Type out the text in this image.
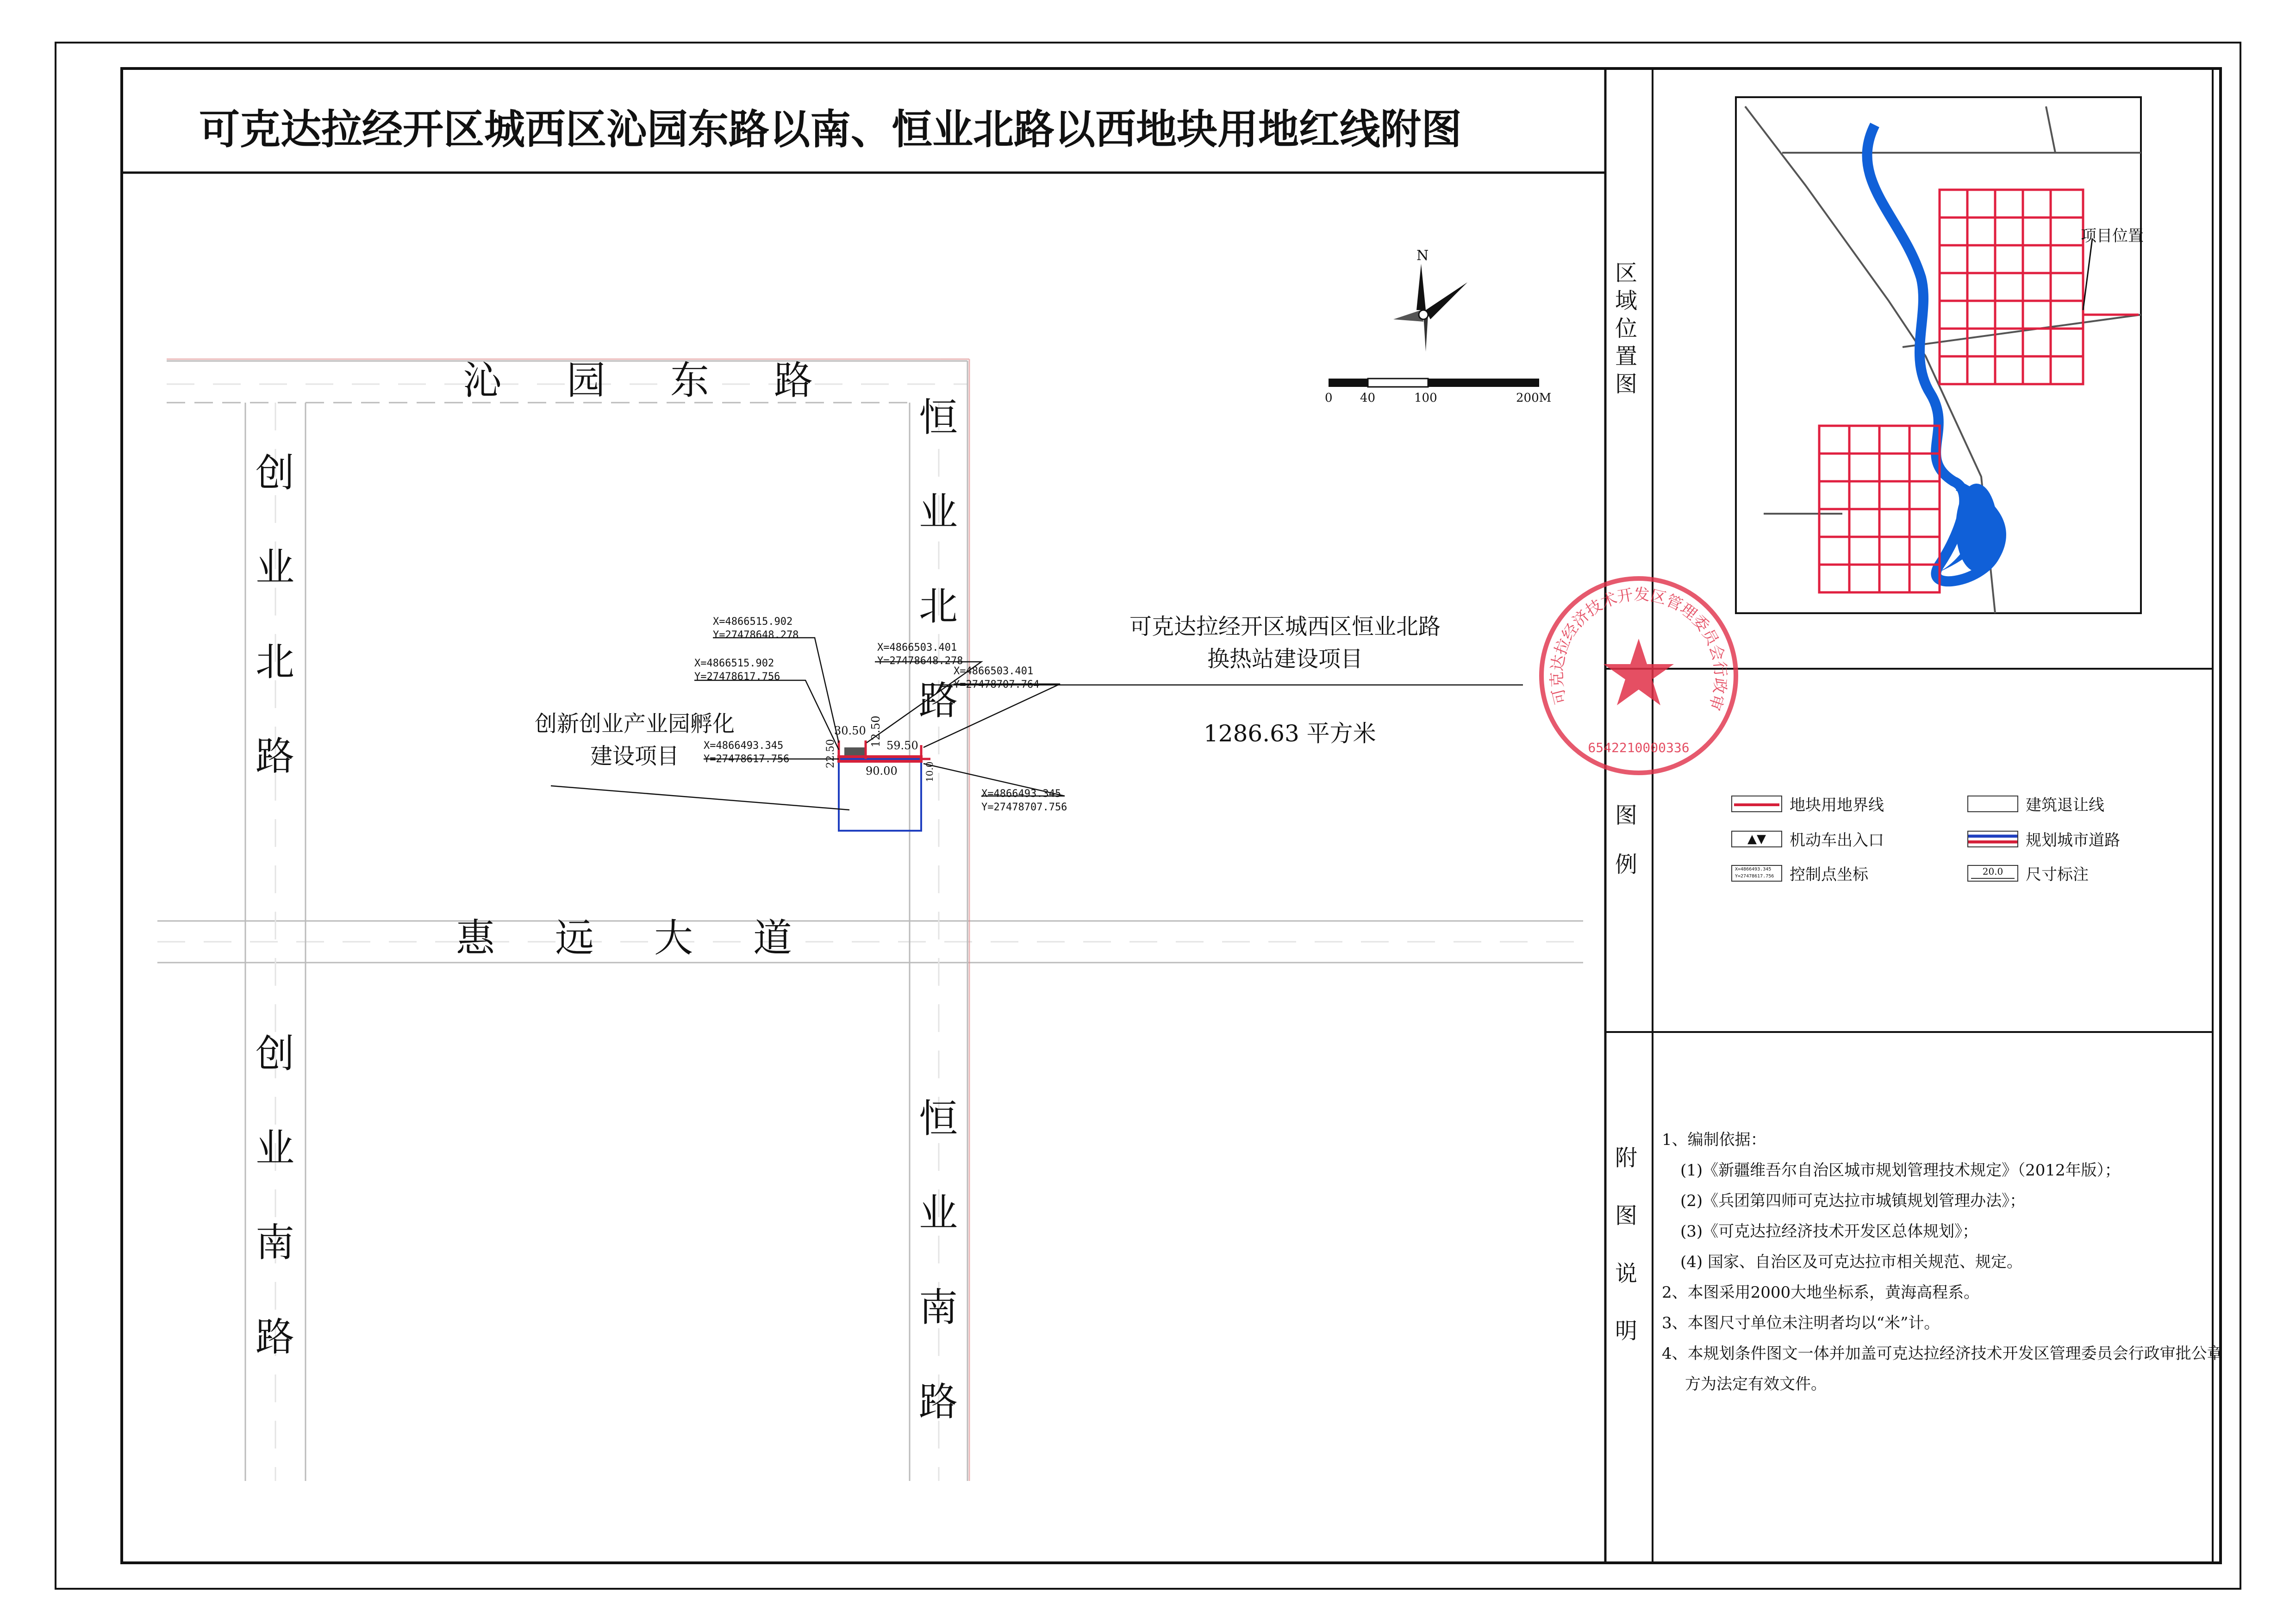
可克达拉经开区城西区沁园东路以南、恒业北路以西地块用地红线附图
沁 园 东 路
惠 远 大 道
创
业
北
路
创
业
南
路
恒
业
北
路
恒
业
南
路
N
0 40	100	200M
X=4866515.902
Y=27478648.278
X=4866515.902
Y=27478617.756
X=4866503.401
Y=27478648.278
X=4866503.401
Y=27478707.764
X=4866493.345
Y=27478617.756
X=4866493.345
Y=27478707.756
30.50 12.50 59.50
90.00
22.50
10.0
创新创业产业园孵化
建设项目
可克达拉经开区城西区恒业北路
换热站建设项目
1286.63 平方米
可克达拉经济技术开发区管理委员会行政审批专用章
6542210000336
区域位置图
图例
附图说明
项目位置
地块用地界线	建筑退让线
▲▼	机动车出入口	规划城市道路
X=4866493.345
Y=27478617.756 控制点坐标	20.0	尺寸标注
1、编制依据：
(1)《新疆维吾尔自治区城市规划管理技术规定》（2012年版）；
(2)《兵团第四师可克达拉市城镇规划管理办法》；
(3)《可克达拉经济技术开发区总体规划》；
(4) 国家、自治区及可克达拉市相关规范、规定。
2、本图采用2000大地坐标系，黄海高程系。
3、本图尺寸单位未注明者均以“米”计。
4、本规划条件图文一体并加盖可克达拉经济技术开发区管理委员会行政审批公章
方为法定有效文件。
